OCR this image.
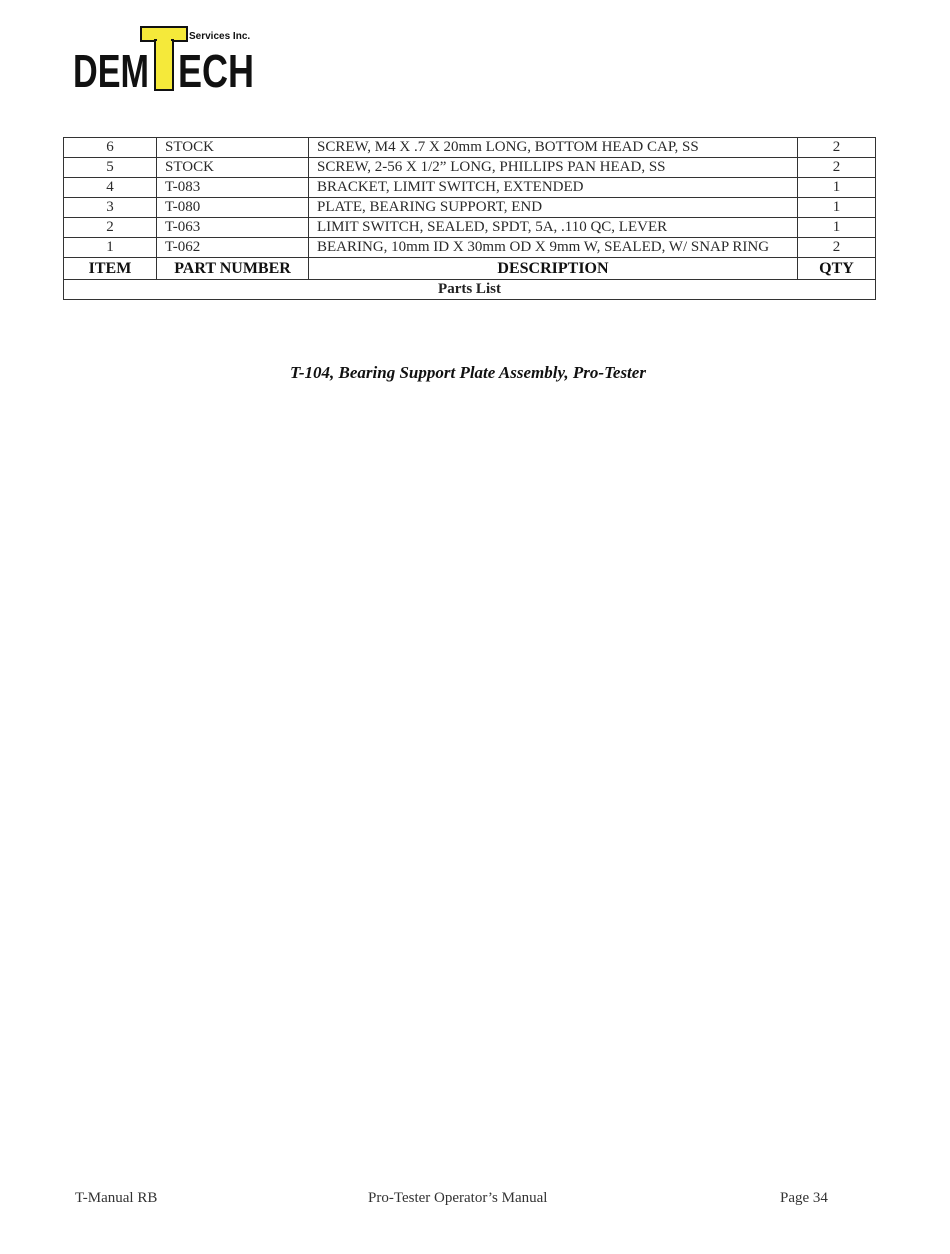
DEM ECH
Services Inc.
6	STOCK	SCREW, M4 X .7 X 20mm LONG, BOTTOM HEAD CAP, SS	2
5	STOCK	SCREW, 2-56 X 1/2” LONG, PHILLIPS PAN HEAD, SS	2
4	T-083	BRACKET, LIMIT SWITCH, EXTENDED	1
3	T-080	PLATE, BEARING SUPPORT, END	1
2	T-063	LIMIT SWITCH, SEALED, SPDT, 5A, .110 QC, LEVER	1
1	T-062	BEARING, 10mm ID X 30mm OD X 9mm W, SEALED, W/ SNAP RING	2
ITEM	PART NUMBER	DESCRIPTION	QTY
Parts List			
T-104, Bearing Support Plate Assembly, Pro-Tester
T-Manual RB	Pro-Tester Operator’s Manual	Page 34
